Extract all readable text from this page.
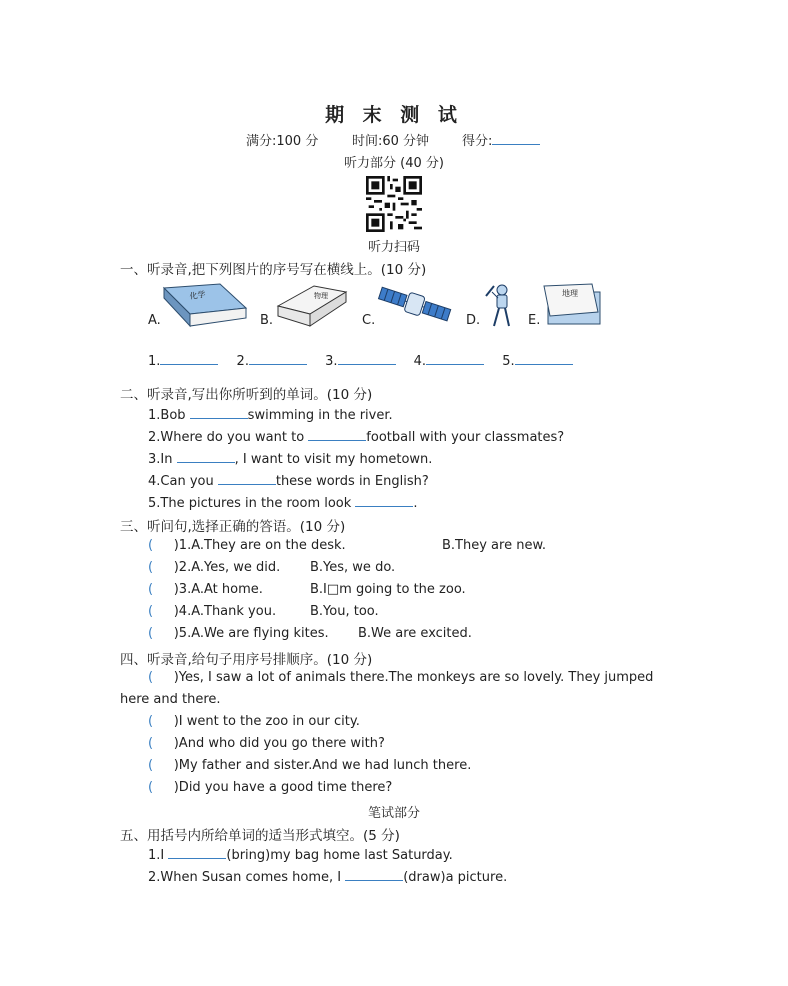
期 末 测 试
满分:100 分	时间:60 分钟	得分:
听力部分 (40 分)
听力扫码
一、听录音,把下列图片的序号写在横线上。(10 分)
A.
化学
B.
物理
C.	D.	E.
地理
1.	2.	3.	4.	5.
二、听录音,写出你所听到的单词。(10 分)
1.Bob	swimming in the river.
2.Where do you want to	football with your classmates?
3.In	, I want to visit my hometown.
4.Can you	these words in English?
5.The pictures in the room look	.
三、听问句,选择正确的答语。(10 分)
(     )1.A.They are on the desk.	B.They are new.
(     )2.A.Yes, we did. B.Yes, we do.
(     )3.A.At home.	B.I□m going to the zoo.
(     )4.A.Thank you.	B.You, too.
(     )5.A.We are flying kites. B.We are excited.
四、听录音,给句子用序号排顺序。(10 分)
(     )Yes, I saw a lot of animals there.The monkeys are so lovely. They jumped
here and there.
(     )I went to the zoo in our city.
(     )And who did you go there with?
(     )My father and sister.And we had lunch there.
(     )Did you have a good time there?
笔试部分
五、用括号内所给单词的适当形式填空。(5 分)
1.I	(bring)my bag home last Saturday.
2.When Susan comes home, I	(draw)a picture.
